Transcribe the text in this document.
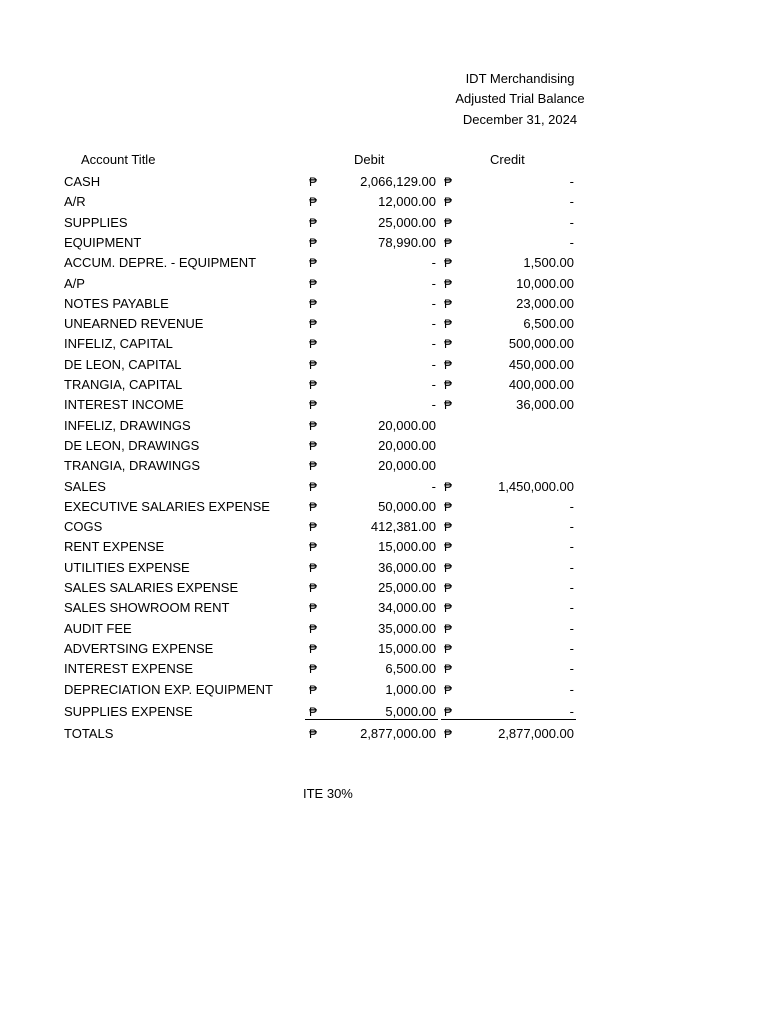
IDT Merchandising
Adjusted Trial Balance
December 31, 2024
Account Title	Debit	Credit
CASH	₱	2,066,129.00 ₱	-
A/R	₱	12,000.00 ₱	-
SUPPLIES	₱	25,000.00 ₱	-
EQUIPMENT	₱	78,990.00 ₱	-
ACCUM. DEPRE. - EQUIPMENT	₱	- ₱	1,500.00
A/P	₱	- ₱	10,000.00
NOTES PAYABLE	₱	- ₱	23,000.00
UNEARNED REVENUE	₱	- ₱	6,500.00
INFELIZ, CAPITAL	₱	- ₱	500,000.00
DE LEON, CAPITAL	₱	- ₱	450,000.00
TRANGIA, CAPITAL	₱	- ₱	400,000.00
INTEREST INCOME	₱	- ₱	36,000.00
INFELIZ, DRAWINGS	₱	20,000.00
DE LEON, DRAWINGS	₱	20,000.00
TRANGIA, DRAWINGS	₱	20,000.00
SALES	₱	- ₱	1,450,000.00
EXECUTIVE SALARIES EXPENSE	₱	50,000.00 ₱	-
COGS	₱	412,381.00 ₱	-
RENT EXPENSE	₱	15,000.00 ₱	-
UTILITIES EXPENSE	₱	36,000.00 ₱	-
SALES SALARIES EXPENSE	₱	25,000.00 ₱	-
SALES SHOWROOM RENT	₱	34,000.00 ₱	-
AUDIT FEE	₱	35,000.00 ₱	-
ADVERTSING EXPENSE	₱	15,000.00 ₱	-
INTEREST EXPENSE	₱	6,500.00 ₱	-
DEPRECIATION EXP. EQUIPMENT	₱	1,000.00 ₱	-
SUPPLIES EXPENSE	₱	5,000.00 ₱	-
TOTALS	₱	2,877,000.00 ₱	2,877,000.00
ITE 30%
